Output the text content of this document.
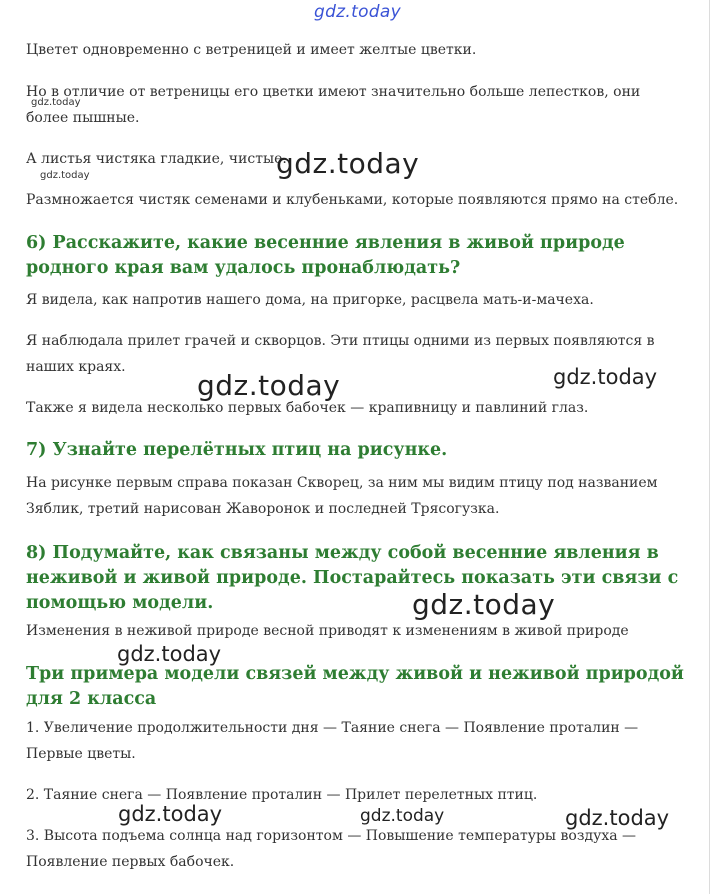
gdz.today

Цветет одновременно с ветреницей и имеет желтые цветки.

Но в отличие от ветреницы его цветки имеют значительно больше лепестков, они более пышные.

gdz.today

А листья чистяка гладкие, чистые.

gdz.today	gdz.today

Размножается чистяк семенами и клубеньками, которые появляются прямо на стебле.

6) Расскажите, какие весенние явления в живой природе родного края вам удалось пронаблюдать?

Я видела, как напротив нашего дома, на пригорке, расцвела мать-и-мачеха.

Я наблюдала прилет грачей и скворцов. Эти птицы одними из первых появляются в наших краях.

gdz.today	gdz.today

Также я видела несколько первых бабочек — крапивницу и павлиний глаз.

7) Узнайте перелётных птиц на рисунке.

На рисунке первым справа показан Скворец, за ним мы видим птицу под названием Зяблик, третий нарисован Жаворонок и последней Трясогузка.

8) Подумайте, как связаны между собой весенние явления в неживой и живой природе. Постарайтесь показать эти связи с помощью модели.	gdz.today

Изменения в неживой природе весной приводят к изменениям в живой природе

gdz.today
Три примера модели связей между живой и неживой природой для 2 класса

1. Увеличение продолжительности дня — Таяние снега — Появление проталин — Первые цветы.

2. Таяние снега — Появление проталин — Прилет перелетных птиц.

gdz.today	gdz.today	gdz.today

3. Высота подъема солнца над горизонтом — Повышение температуры воздуха — Появление первых бабочек.
